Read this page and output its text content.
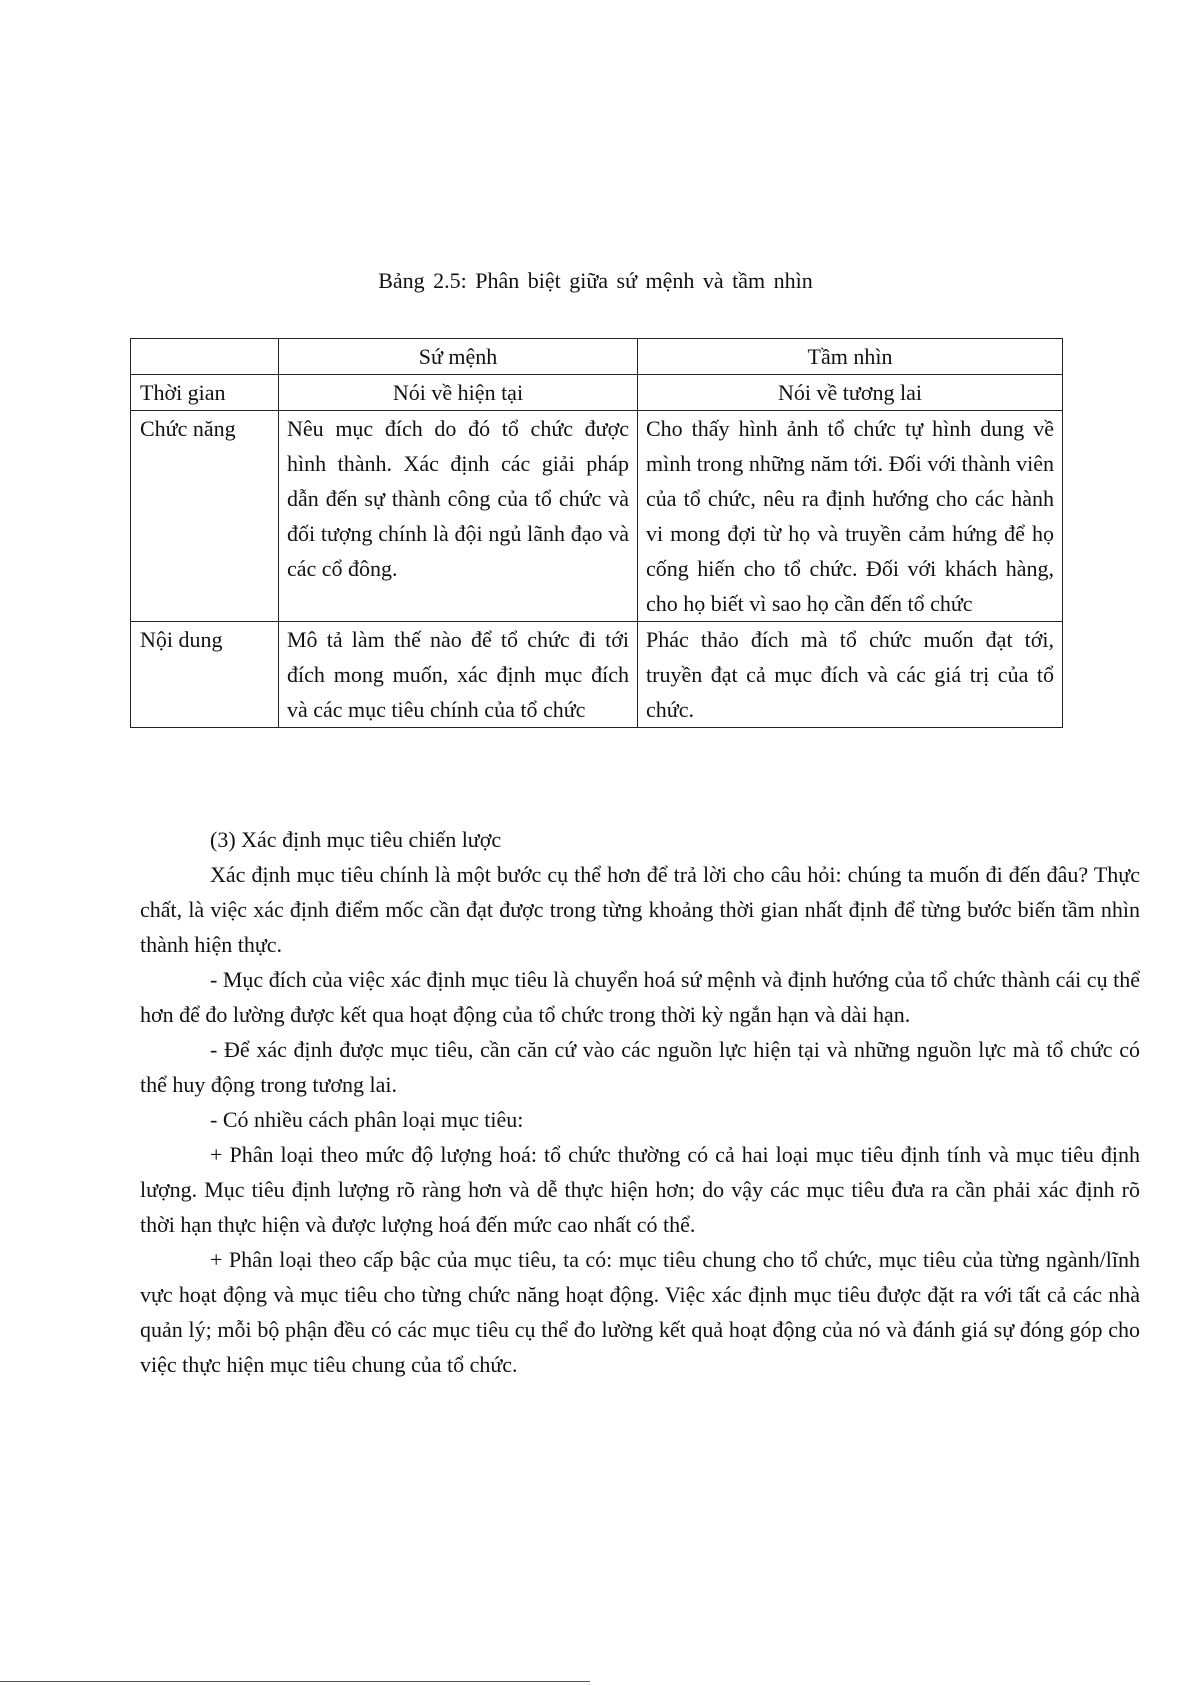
Bảng 2.5: Phân biệt giữa sứ mệnh và tầm nhìn
	Sứ mệnh	Tầm nhìn
Thời gian	Nói về hiện tại	Nói về tương lai
Chức năng	Nêu mục đích do đó tổ chức được hình thành. Xác định các giải pháp dẫn đến sự thành công của tổ chức và đối tượng chính là đội ngủ lãnh đạo và các cổ đông.	Cho thấy hình ảnh tổ chức tự hình dung về mình trong những năm tới. Đối với thành viên của tổ chức, nêu ra định hướng cho các hành vi mong đợi từ họ và truyền cảm hứng để họ cống hiến cho tổ chức. Đối với khách hàng, cho họ biết vì sao họ cần đến tổ chức
Nội dung	Mô tả làm thế nào để tổ chức đi tới đích mong muốn, xác định mục đích và các mục tiêu chính của tổ chức	Phác thảo đích mà tổ chức muốn đạt tới, truyền đạt cả mục đích và các giá trị của tổ chức.

(3) Xác định mục tiêu chiến lược

Xác định mục tiêu chính là một bước cụ thể hơn để trả lời cho câu hỏi: chúng ta muốn đi đến đâu? Thực chất, là việc xác định điểm mốc cần đạt được trong từng khoảng thời gian nhất định để từng bước biến tầm nhìn thành hiện thực.

- Mục đích của việc xác định mục tiêu là chuyển hoá sứ mệnh và định hướng của tổ chức thành cái cụ thể hơn để đo lường được kết qua hoạt động của tổ chức trong thời kỳ ngắn hạn và dài hạn.

- Để xác định được mục tiêu, cần căn cứ vào các nguồn lực hiện tại và những nguồn lực mà tổ chức có thể huy động trong tương lai.

- Có nhiều cách phân loại mục tiêu:

+ Phân loại theo mức độ lượng hoá: tổ chức thường có cả hai loại mục tiêu định tính và mục tiêu định lượng. Mục tiêu định lượng rõ ràng hơn và dễ thực hiện hơn; do vậy các mục tiêu đưa ra cần phải xác định rõ thời hạn thực hiện và được lượng hoá đến mức cao nhất có thể.

+ Phân loại theo cấp bậc của mục tiêu, ta có: mục tiêu chung cho tổ chức, mục tiêu của từng ngành/lĩnh vực hoạt động và mục tiêu cho từng chức năng hoạt động. Việc xác định mục tiêu được đặt ra với tất cả các nhà quản lý; mỗi bộ phận đều có các mục tiêu cụ thể đo lường kết quả hoạt động của nó và đánh giá sự đóng góp cho việc thực hiện mục tiêu chung của tổ chức.
